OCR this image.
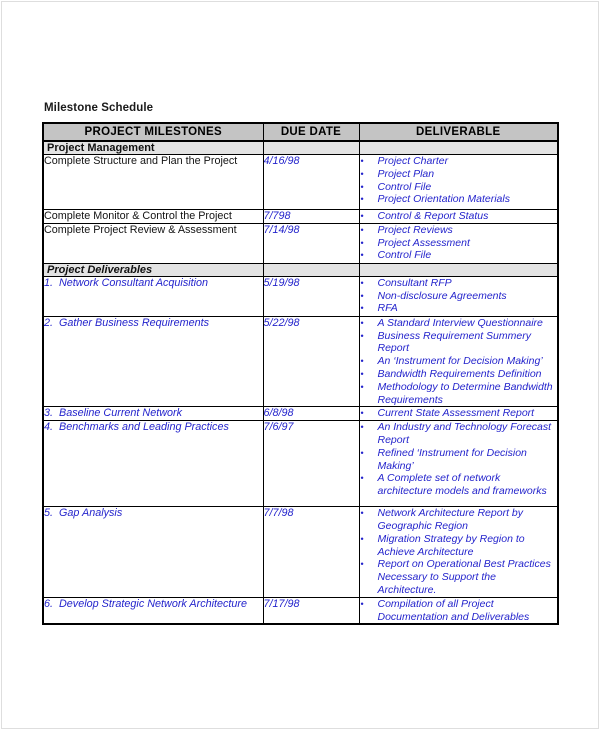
Milestone Schedule
PROJECT MILESTONES	DUE DATE	DELIVERABLE
Project Management		
Complete Structure and Plan the Project	4/16/98	•	Project Charter
•	Project Plan
•	Control File
•	Project Orientation Materials

Complete Monitor & Control the Project	7/798	• Control & Report Status

Complete Project Review & Assessment	7/14/98	•	Project Reviews
•	Project Assessment
•	Control File

Project Deliverables		
1.  Network Consultant Acquisition	5/19/98	•	Consultant RFP
•	Non-disclosure Agreements
•	RFA

2.  Gather Business Requirements	5/22/98	•	A Standard Interview Questionnaire
•	Business Requirement Summery Report
•	An ‘Instrument for Decision Making’
•	Bandwidth Requirements Definition
•	Methodology to Determine Bandwidth Requirements

3.  Baseline Current Network	6/8/98	• Current State Assessment Report

4.  Benchmarks and Leading Practices	7/6/97	•	An Industry and Technology Forecast Report
•	Refined ‘Instrument for Decision Making’
•	A Complete set of network architecture models and frameworks

5.  Gap Analysis	7/7/98	•	Network Architecture Report by Geographic Region
•	Migration Strategy by Region to Achieve Architecture
•	Report on Operational Best Practices Necessary to Support the Architecture.

6.  Develop Strategic Network Architecture	7/17/98	• Compilation of all Project Documentation and Deliverables
